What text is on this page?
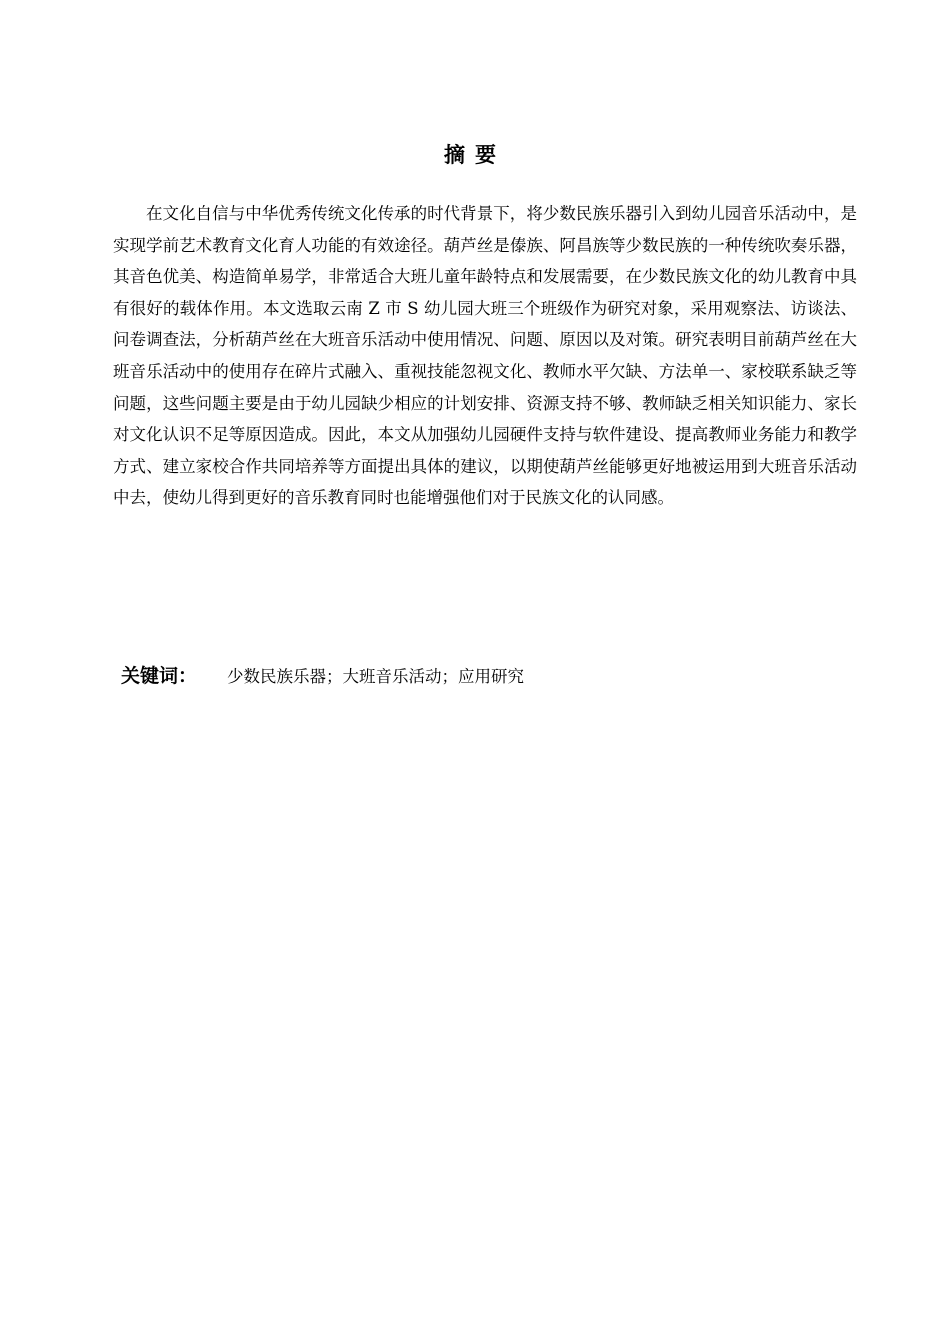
摘要

在文化自信与中华优秀传统文化传承的时代背景下，将少数民族乐器引入到幼儿园音乐活动中，是实现学前艺术教育文化育人功能的有效途径。葫芦丝是傣族、阿昌族等少数民族的一种传统吹奏乐器，其音色优美、构造简单易学，非常适合大班儿童年龄特点和发展需要，在少数民族文化的幼儿教育中具有很好的载体作用。本文选取云南 Z 市 S 幼儿园大班三个班级作为研究对象，采用观察法、访谈法、问卷调查法，分析葫芦丝在大班音乐活动中使用情况、问题、原因以及对策。研究表明目前葫芦丝在大班音乐活动中的使用存在碎片式融入、重视技能忽视文化、教师水平欠缺、方法单一、家校联系缺乏等问题，这些问题主要是由于幼儿园缺少相应的计划安排、资源支持不够、教师缺乏相关知识能力、家长对文化认识不足等原因造成。因此，本文从加强幼儿园硬件支持与软件建设、提高教师业务能力和教学方式、建立家校合作共同培养等方面提出具体的建议，以期使葫芦丝能够更好地被运用到大班音乐活动中去，使幼儿得到更好的音乐教育同时也能增强他们对于民族文化的认同感。

关键词： 少数民族乐器；大班音乐活动；应用研究
